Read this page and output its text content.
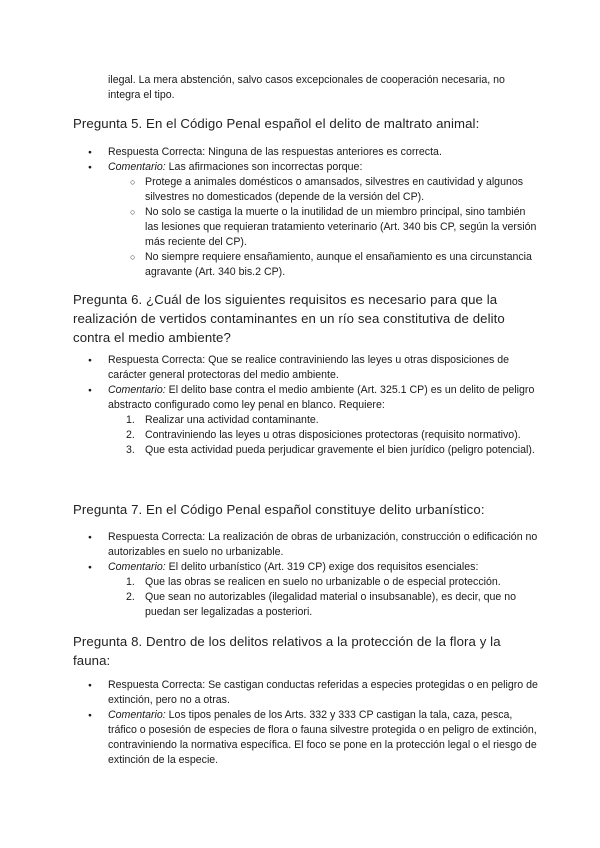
ilegal. La mera abstención, salvo casos excepcionales de cooperación necesaria, no integra el tipo.
Pregunta 5. En el Código Penal español el delito de maltrato animal:
● Respuesta Correcta: Ninguna de las respuestas anteriores es correcta.
● Comentario: Las afirmaciones son incorrectas porque:
○ Protege a animales domésticos o amansados, silvestres en cautividad y algunos silvestres no domesticados (depende de la versión del CP).
○ No solo se castiga la muerte o la inutilidad de un miembro principal, sino también las lesiones que requieran tratamiento veterinario (Art. 340 bis CP, según la versión más reciente del CP).
○ No siempre requiere ensañamiento, aunque el ensañamiento es una circunstancia agravante (Art. 340 bis.2 CP).
Pregunta 6. ¿Cuál de los siguientes requisitos es necesario para que la realización de vertidos contaminantes en un río sea constitutiva de delito contra el medio ambiente?
● Respuesta Correcta: Que se realice contraviniendo las leyes u otras disposiciones de carácter general protectoras del medio ambiente.
● Comentario: El delito base contra el medio ambiente (Art. 325.1 CP) es un delito de peligro abstracto configurado como ley penal en blanco. Requiere:
1. Realizar una actividad contaminante.
2. Contraviniendo las leyes u otras disposiciones protectoras (requisito normativo).
3. Que esta actividad pueda perjudicar gravemente el bien jurídico (peligro potencial).
Pregunta 7. En el Código Penal español constituye delito urbanístico:
● Respuesta Correcta: La realización de obras de urbanización, construcción o edificación no autorizables en suelo no urbanizable.
● Comentario: El delito urbanístico (Art. 319 CP) exige dos requisitos esenciales:
1. Que las obras se realicen en suelo no urbanizable o de especial protección.
2. Que sean no autorizables (ilegalidad material o insubsanable), es decir, que no puedan ser legalizadas a posteriori.
Pregunta 8. Dentro de los delitos relativos a la protección de la flora y la fauna:
● Respuesta Correcta: Se castigan conductas referidas a especies protegidas o en peligro de extinción, pero no a otras.
● Comentario: Los tipos penales de los Arts. 332 y 333 CP castigan la tala, caza, pesca, tráfico o posesión de especies de flora o fauna silvestre protegida o en peligro de extinción, contraviniendo la normativa específica. El foco se pone en la protección legal o el riesgo de extinción de la especie.
